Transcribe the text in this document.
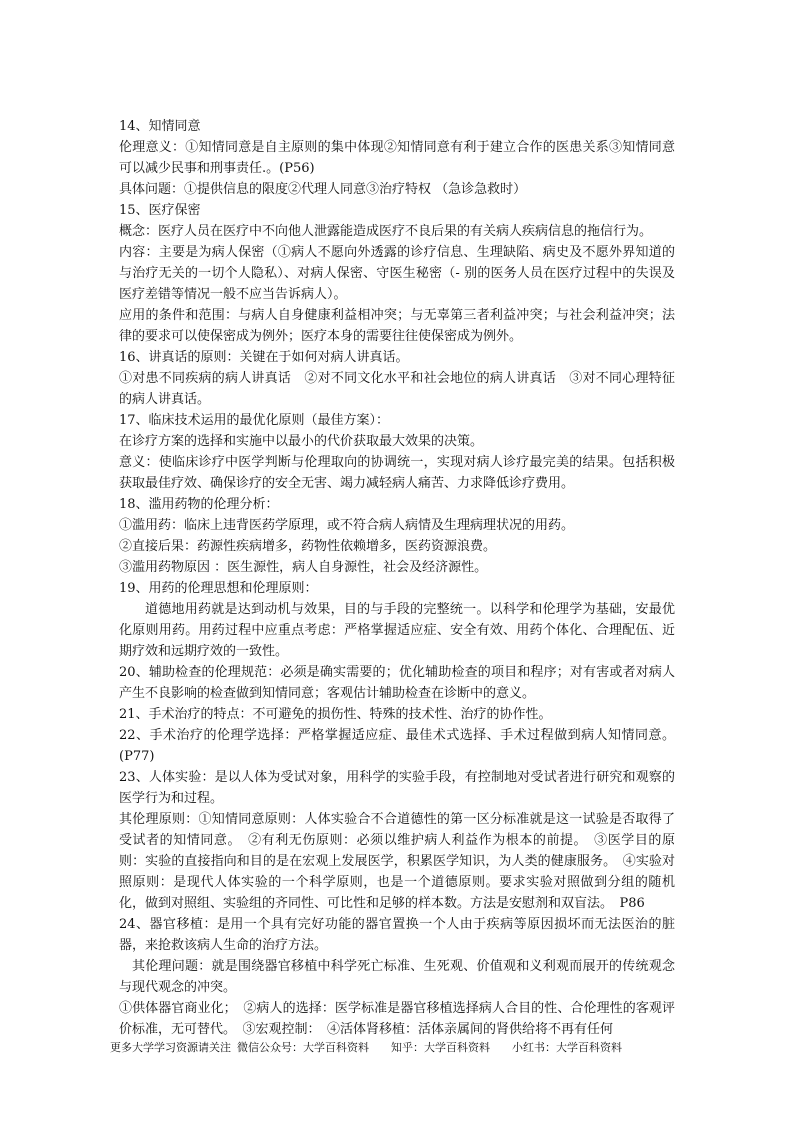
14、知情同意

伦理意义：①知情同意是自主原则的集中体现②知情同意有利于建立合作的医患关系③知情同意可以减少民事和刑事责任.。(P56)

具体问题：①提供信息的限度②代理人同意③治疗特权 （急诊急救时）

15、医疗保密

概念：医疗人员在医疗中不向他人泄露能造成医疗不良后果的有关病人疾病信息的拖信行为。

内容：主要是为病人保密（①病人不愿向外透露的诊疗信息、生理缺陷、病史及不愿外界知道的与治疗无关的一切个人隐私）、对病人保密、守医生秘密（- 别的医务人员在医疗过程中的失误及医疗差错等情况一般不应当告诉病人）。

应用的条件和范围：与病人自身健康利益相冲突；与无辜第三者利益冲突；与社会利益冲突；法律的要求可以使保密成为例外；医疗本身的需要往往使保密成为例外。

16、讲真话的原则：关键在于如何对病人讲真话。

①对患不同疾病的病人讲真话　②对不同文化水平和社会地位的病人讲真话　③对不同心理特征的病人讲真话。

17、临床技术运用的最优化原则（最佳方案）：

在诊疗方案的选择和实施中以最小的代价获取最大效果的决策。

意义：使临床诊疗中医学判断与伦理取向的协调统一，实现对病人诊疗最完美的结果。包括积极获取最佳疗效、确保诊疗的安全无害、竭力减轻病人痛苦、力求降低诊疗费用。

18、滥用药物的伦理分析：

①滥用药：临床上违背医药学原理，或不符合病人病情及生理病理状况的用药。

②直接后果：药源性疾病增多，药物性依赖增多，医药资源浪费。

③滥用药物原因 ：医生源性，病人自身源性，社会及经济源性。

19、用药的伦理思想和伦理原则：

道德地用药就是达到动机与效果，目的与手段的完整统一。以科学和伦理学为基础，安最优化原则用药。用药过程中应重点考虑：严格掌握适应症、安全有效、用药个体化、合理配伍、近期疗效和远期疗效的一致性。

20、辅助检查的伦理规范：必须是确实需要的；优化辅助检查的项目和程序；对有害或者对病人产生不良影响的检查做到知情同意；客观估计辅助检查在诊断中的意义。

21、手术治疗的特点：不可避免的损伤性、特殊的技术性、治疗的协作性。

22、手术治疗的伦理学选择：严格掌握适应症、最佳术式选择、手术过程做到病人知情同意。(P77)

23、人体实验：是以人体为受试对象，用科学的实验手段，有控制地对受试者进行研究和观察的医学行为和过程。

其伦理原则：①知情同意原则：人体实验合不合道德性的第一区分标准就是这一试验是否取得了受试者的知情同意。　②有利无伤原则：必须以维护病人利益作为根本的前提。　③医学目的原则：实验的直接指向和目的是在宏观上发展医学，积累医学知识，为人类的健康服务。　④实验对照原则：是现代人体实验的一个科学原则，也是一个道德原则。要求实验对照做到分组的随机化，做到对照组、实验组的齐同性、可比性和足够的样本数。方法是安慰剂和双盲法。　P86

24、器官移植：是用一个具有完好功能的器官置换一个人由于疾病等原因损坏而无法医治的脏器，来抢救该病人生命的治疗方法。

其伦理问题：就是围绕器官移植中科学死亡标准、生死观、价值观和义利观而展开的传统观念与现代观念的冲突。

①供体器官商业化；　②病人的选择：医学标准是器官移植选择病人合目的性、合伦理性的客观评价标准，无可替代。　③宏观控制：　④活体肾移植：活体亲属间的肾供给将不再有任何

更多大学学习资源请关注 微信公众号：大学百科资料 知乎：大学百科资料 小红书：大学百科资料
